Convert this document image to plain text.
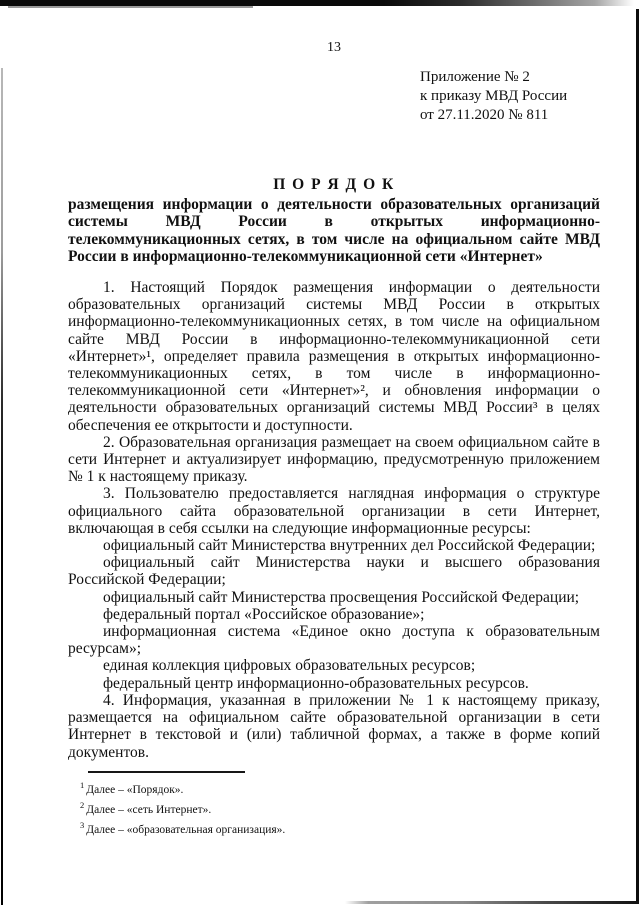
13
Приложение № 2
к приказу МВД России
от 27.11.2020 № 811
П О Р Я Д О К
размещения информации о деятельности образовательных организаций системы МВД России в открытых информационно-телекоммуникационных сетях, в том числе на официальном сайте МВД России в информационно-телекоммуникационной сети «Интернет»

1. Настоящий Порядок размещения информации о деятельности образовательных организаций системы МВД России в открытых информационно-телекоммуникационных сетях, в том числе на официальном сайте МВД России в информационно-телекоммуникационной сети «Интернет»¹, определяет правила размещения в открытых информационно-телекоммуникационных сетях, в том числе в информационно-телекоммуникационной сети «Интернет»², и обновления информации о деятельности образовательных организаций системы МВД России³ в целях обеспечения ее открытости и доступности.

2. Образовательная организация размещает на своем официальном сайте в сети Интернет и актуализирует информацию, предусмотренную приложением № 1 к настоящему приказу.

3. Пользователю предоставляется наглядная информация о структуре официального сайта образовательной организации в сети Интернет, включающая в себя ссылки на следующие информационные ресурсы:

официальный сайт Министерства внутренних дел Российской Федерации;

официальный сайт Министерства науки и высшего образования Российской Федерации;

официальный сайт Министерства просвещения Российской Федерации;

федеральный портал «Российское образование»;

информационная система «Единое окно доступа к образовательным ресурсам»;

единая коллекция цифровых образовательных ресурсов;

федеральный центр информационно-образовательных ресурсов.

4. Информация, указанная в приложении № 1 к настоящему приказу, размещается на официальном сайте образовательной организации в сети Интернет в текстовой и (или) табличной формах, а также в форме копий документов.

$^1$ Далее – «Порядок».

$^2$ Далее – «сеть Интернет».

$^3$ Далее – «образовательная организация».
